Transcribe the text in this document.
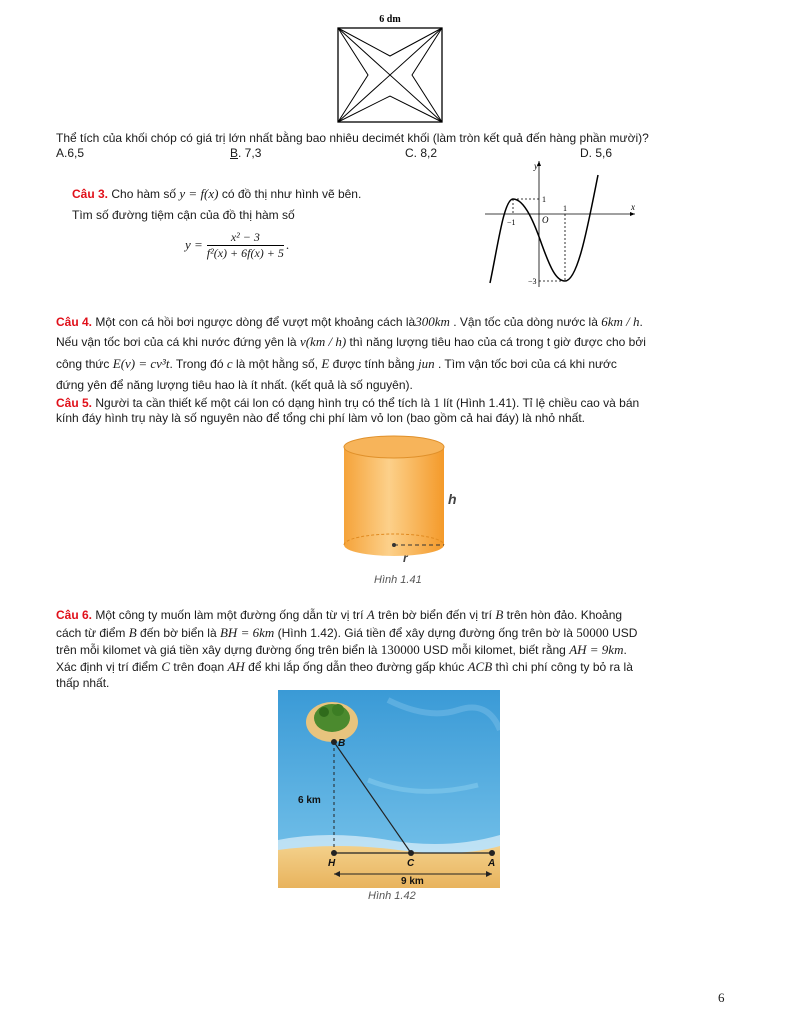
6 dm
Thể tích của khối chóp có giá trị lớn nhất bằng bao nhiêu decimét khối (làm tròn kết quả đến hàng phần mười)?
A.6,5	B. 7,3	C. 8,2	D. 5,6
Câu 3. Cho hàm số y = f(x) có đồ thị như hình vẽ bên.
Tìm số đường tiệm cận của đồ thị hàm số
y =
x² − 3
f²(x) + 6f(x) + 5
.
y
x
O
1
−1
1
−3
Câu 4. Một con cá hồi bơi ngược dòng để vượt một khoảng cách là300km . Vận tốc của dòng nước là 6km / h.
Nếu vận tốc bơi của cá khi nước đứng yên là v(km / h) thì năng lượng tiêu hao của cá trong t giờ được cho bởi
công thức E(v) = cv³t. Trong đó c là một hằng số, E được tính bằng jun . Tìm vận tốc bơi của cá khi nước
đứng yên để năng lượng tiêu hao là ít nhất. (kết quả là số nguyên).
Câu 5. Người ta cần thiết kế một cái lon có dạng hình trụ có thể tích là 1 lít (Hình 1.41). Tỉ lệ chiều cao và bán
kính đáy hình trụ này là số nguyên nào để tổng chi phí làm vỏ lon (bao gồm cả hai đáy) là nhỏ nhất.
h
r
Hình 1.41
Câu 6. Một công ty muốn làm một đường ống dẫn từ vị trí A trên bờ biển đến vị trí B trên hòn đảo. Khoảng
cách từ điểm B đến bờ biển là BH = 6km (Hình 1.42). Giá tiền để xây dựng đường ống trên bờ là 50000 USD
trên mỗi kilomet và giá tiền xây dựng đường ống trên biển là 130000 USD mỗi kilomet, biết rằng AH = 9km.
Xác định vị trí điểm C trên đoạn AH để khi lắp ống dẫn theo đường gấp khúc ACB thì chi phí công ty bỏ ra là
thấp nhất.
B
H	C	A
6 km
9 km
Hình 1.42
6
